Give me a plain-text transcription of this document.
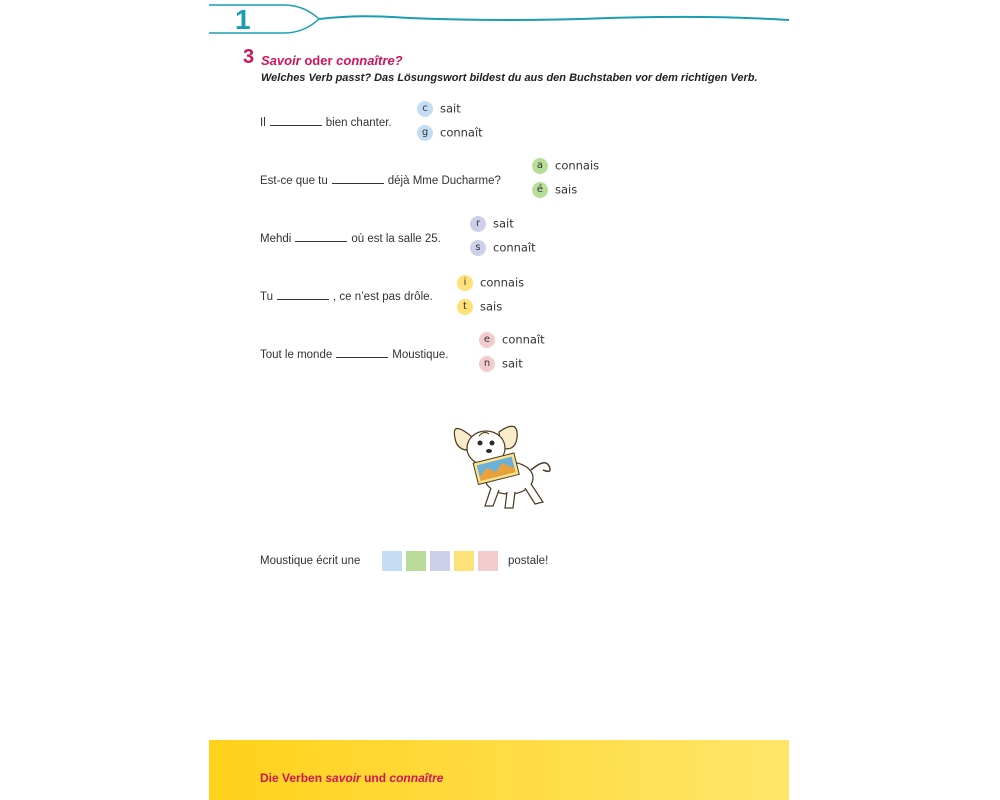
1
3 Savoir oder connaître?
Welches Verb passt? Das Lösungswort bildest du aus den Buchstaben vor dem richtigen Verb.
Il	bien chanter.
c sait
g connaît
Est-ce que tu	déjà Mme Ducharme?
a connais
é sais
Mehdi	où est la salle 25.
r sait
s connaît
Tu	, ce n’est pas drôle.
i connais
t sais
Tout le monde	Moustique.
e connaît
n sait
Moustique écrit une	postale!
Die Verben savoir und connaître
